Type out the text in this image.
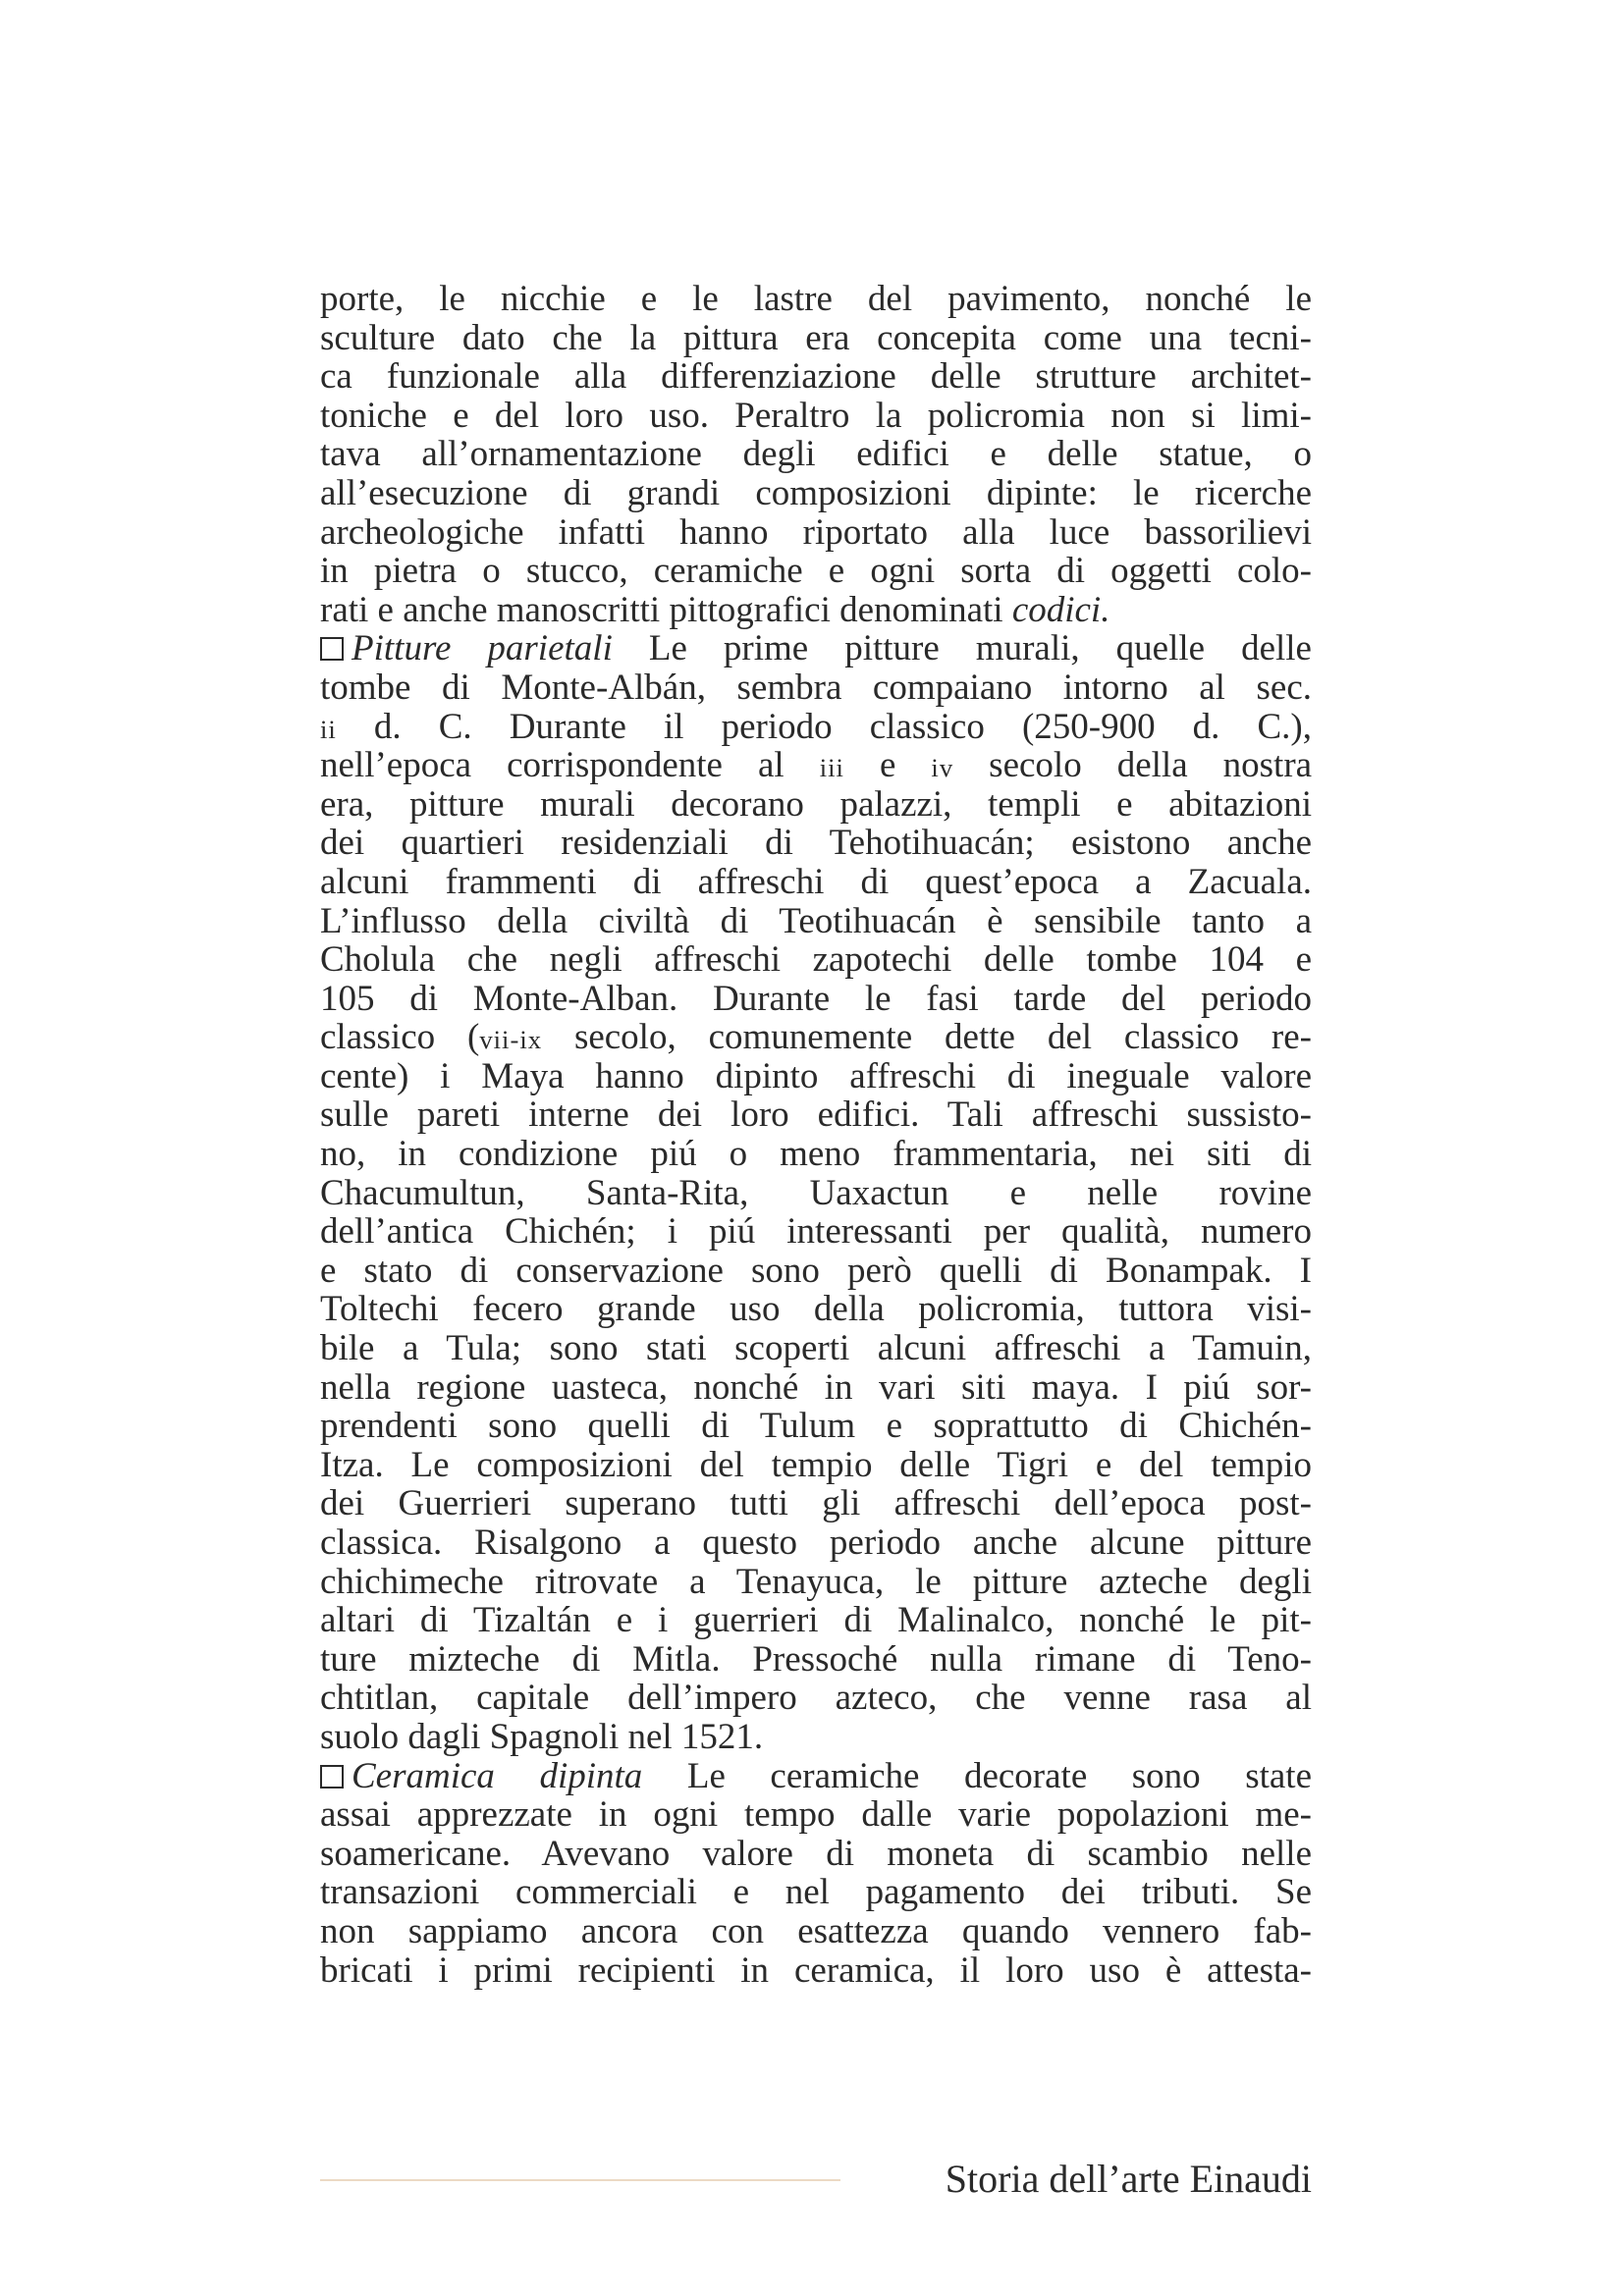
porte, le nicchie e le lastre del pavimento, nonché le
sculture dato che la pittura era concepita come una tecni-
ca funzionale alla differenziazione delle strutture architet-
toniche e del loro uso. Peraltro la policromia non si limi-
tava all’ornamentazione degli edifici e delle statue, o
all’esecuzione di grandi composizioni dipinte: le ricerche
archeologiche infatti hanno riportato alla luce bassorilievi
in pietra o stucco, ceramiche e ogni sorta di oggetti colo-
rati e anche manoscritti pittografici denominati codici.
Pitture parietali Le prime pitture murali, quelle delle
tombe di Monte-Albán, sembra compaiano intorno al sec.
ii d. C. Durante il periodo classico (250-900 d. C.),
nell’epoca corrispondente al iii e iv secolo della nostra
era, pitture murali decorano palazzi, templi e abitazioni
dei quartieri residenziali di Tehotihuacán; esistono anche
alcuni frammenti di affreschi di quest’epoca a Zacuala.
L’influsso della civiltà di Teotihuacán è sensibile tanto a
Cholula che negli affreschi zapotechi delle tombe 104 e
105 di Monte-Alban. Durante le fasi tarde del periodo
classico (vii-ix secolo, comunemente dette del classico re-
cente) i Maya hanno dipinto affreschi di ineguale valore
sulle pareti interne dei loro edifici. Tali affreschi sussisto-
no, in condizione piú o meno frammentaria, nei siti di
Chacumultun, Santa-Rita, Uaxactun e nelle rovine
dell’antica Chichén; i piú interessanti per qualità, numero
e stato di conservazione sono però quelli di Bonampak. I
Toltechi fecero grande uso della policromia, tuttora visi-
bile a Tula; sono stati scoperti alcuni affreschi a Tamuin,
nella regione uasteca, nonché in vari siti maya. I piú sor-
prendenti sono quelli di Tulum e soprattutto di Chichén-
Itza. Le composizioni del tempio delle Tigri e del tempio
dei Guerrieri superano tutti gli affreschi dell’epoca post-
classica. Risalgono a questo periodo anche alcune pitture
chichimeche ritrovate a Tenayuca, le pitture azteche degli
altari di Tizaltán e i guerrieri di Malinalco, nonché le pit-
ture mizteche di Mitla. Pressoché nulla rimane di Teno-
chtitlan, capitale dell’impero azteco, che venne rasa al
suolo dagli Spagnoli nel 1521.
Ceramica dipinta Le ceramiche decorate sono state
assai apprezzate in ogni tempo dalle varie popolazioni me-
soamericane. Avevano valore di moneta di scambio nelle
transazioni commerciali e nel pagamento dei tributi. Se
non sappiamo ancora con esattezza quando vennero fab-
bricati i primi recipienti in ceramica, il loro uso è attesta-
Storia dell’arte Einaudi
